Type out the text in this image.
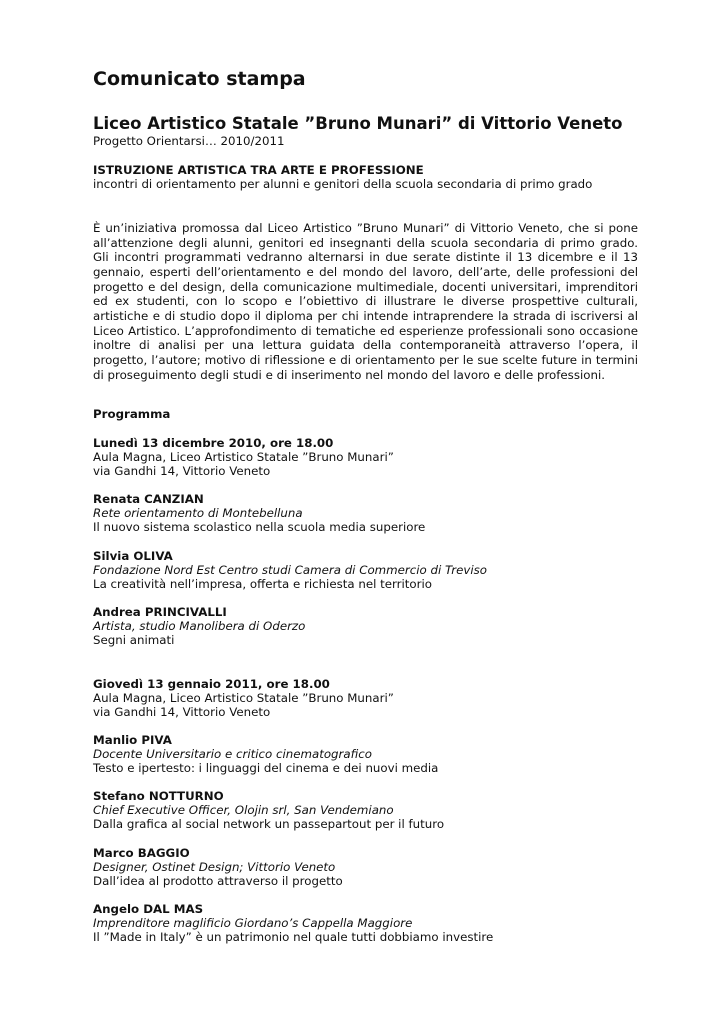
Comunicato stampa

Liceo Artistico Statale ”Bruno Munari” di Vittorio Veneto

Progetto Orientarsi… 2010/2011

ISTRUZIONE ARTISTICA TRA ARTE E PROFESSIONE

incontri di orientamento per alunni e genitori della scuola secondaria di primo grado

È un’iniziativa promossa dal Liceo Artistico ”Bruno Munari” di Vittorio Veneto, che si pone all’attenzione degli alunni, genitori ed insegnanti della scuola secondaria di primo grado. Gli incontri programmati vedranno alternarsi in due serate distinte il 13 dicembre e il 13 gennaio, esperti dell’orientamento e del mondo del lavoro, dell’arte, delle professioni del progetto e del design, della comunicazione multimediale, docenti universitari, imprenditori ed ex studenti, con lo scopo e l’obiettivo di illustrare le diverse prospettive culturali, artistiche e di studio dopo il diploma per chi intende intraprendere la strada di iscriversi al Liceo Artistico. L’approfondimento di tematiche ed esperienze professionali sono occasione inoltre di analisi per una lettura guidata della contemporaneità attraverso l’opera, il progetto, l’autore; motivo di riflessione e di orientamento per le sue scelte future in termini di proseguimento degli studi e di inserimento nel mondo del lavoro e delle professioni.

Programma

Lunedì 13 dicembre 2010, ore 18.00

Aula Magna, Liceo Artistico Statale ”Bruno Munari”

via Gandhi 14, Vittorio Veneto

Renata CANZIAN

Rete orientamento di Montebelluna

Il nuovo sistema scolastico nella scuola media superiore

Silvia OLIVA

Fondazione Nord Est Centro studi Camera di Commercio di Treviso

La creatività nell’impresa, offerta e richiesta nel territorio

Andrea PRINCIVALLI

Artista, studio Manolibera di Oderzo

Segni animati

Giovedì 13 gennaio 2011, ore 18.00

Aula Magna, Liceo Artistico Statale ”Bruno Munari”

via Gandhi 14, Vittorio Veneto

Manlio PIVA

Docente Universitario e critico cinematografico

Testo e ipertesto: i linguaggi del cinema e dei nuovi media

Stefano NOTTURNO

Chief Executive Officer, Olojin srl, San Vendemiano

Dalla grafica al social network un passepartout per il futuro

Marco BAGGIO

Designer, Ostinet Design; Vittorio Veneto

Dall’idea al prodotto attraverso il progetto

Angelo DAL MAS

Imprenditore maglificio Giordano’s Cappella Maggiore

Il ”Made in Italy” è un patrimonio nel quale tutti dobbiamo investire
